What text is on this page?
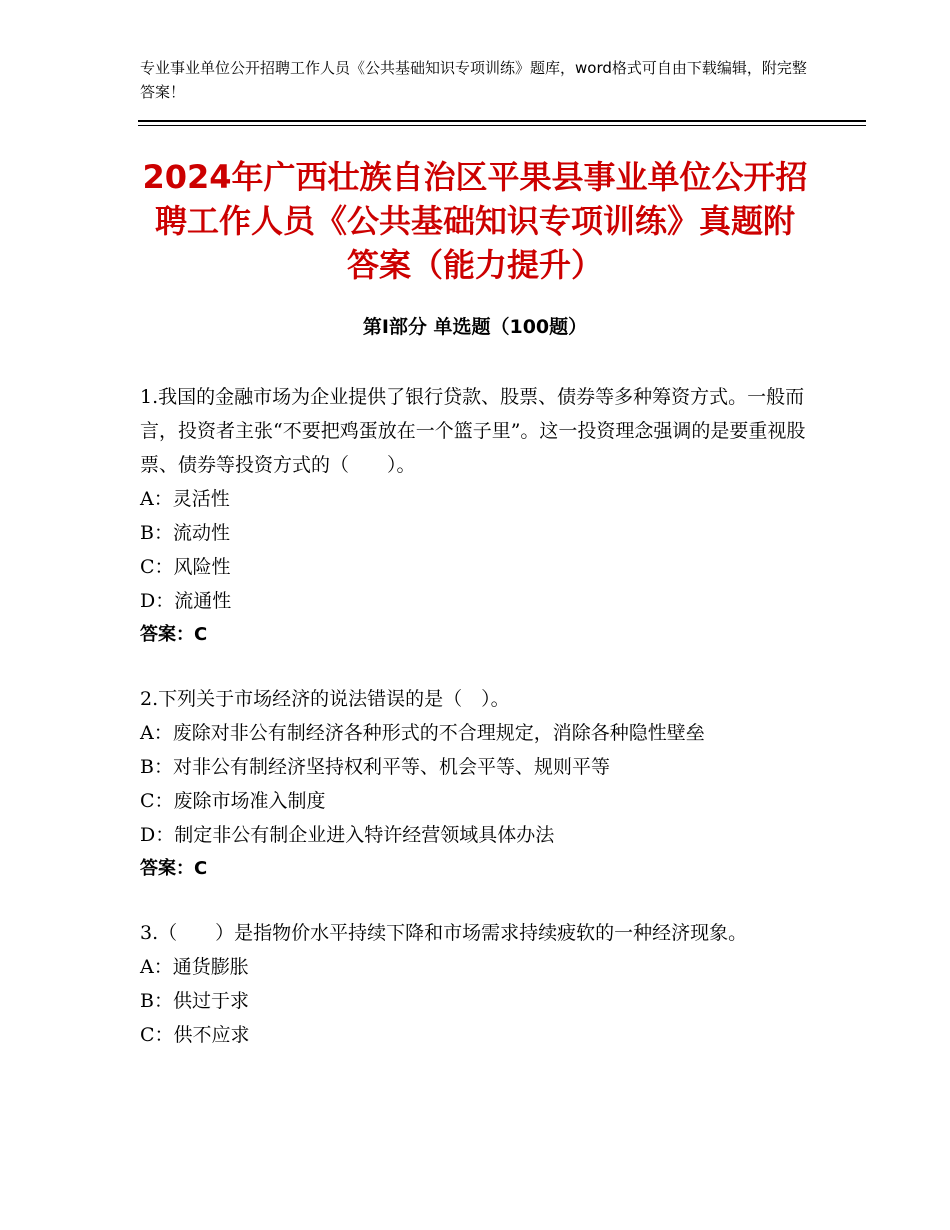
专业事业单位公开招聘工作人员《公共基础知识专项训练》题库，word格式可自由下载编辑，附完整答案！
2024年广西壮族自治区平果县事业单位公开招聘工作人员《公共基础知识专项训练》真题附答案（能力提升）
第Ⅰ部分 单选题（100题）

1.我国的金融市场为企业提供了银行贷款、股票、债券等多种筹资方式。一般而言，投资者主张“不要把鸡蛋放在一个篮子里”。这一投资理念强调的是要重视股票、债券等投资方式的（　　）。

A：灵活性

B：流动性

C：风险性

D：流通性

答案：C

2.下列关于市场经济的说法错误的是（　）。

A：废除对非公有制经济各种形式的不合理规定，消除各种隐性壁垒

B：对非公有制经济坚持权利平等、机会平等、规则平等

C：废除市场准入制度

D：制定非公有制企业进入特许经营领域具体办法

答案：C

3.（　　）是指物价水平持续下降和市场需求持续疲软的一种经济现象。

A：通货膨胀

B：供过于求

C：供不应求
